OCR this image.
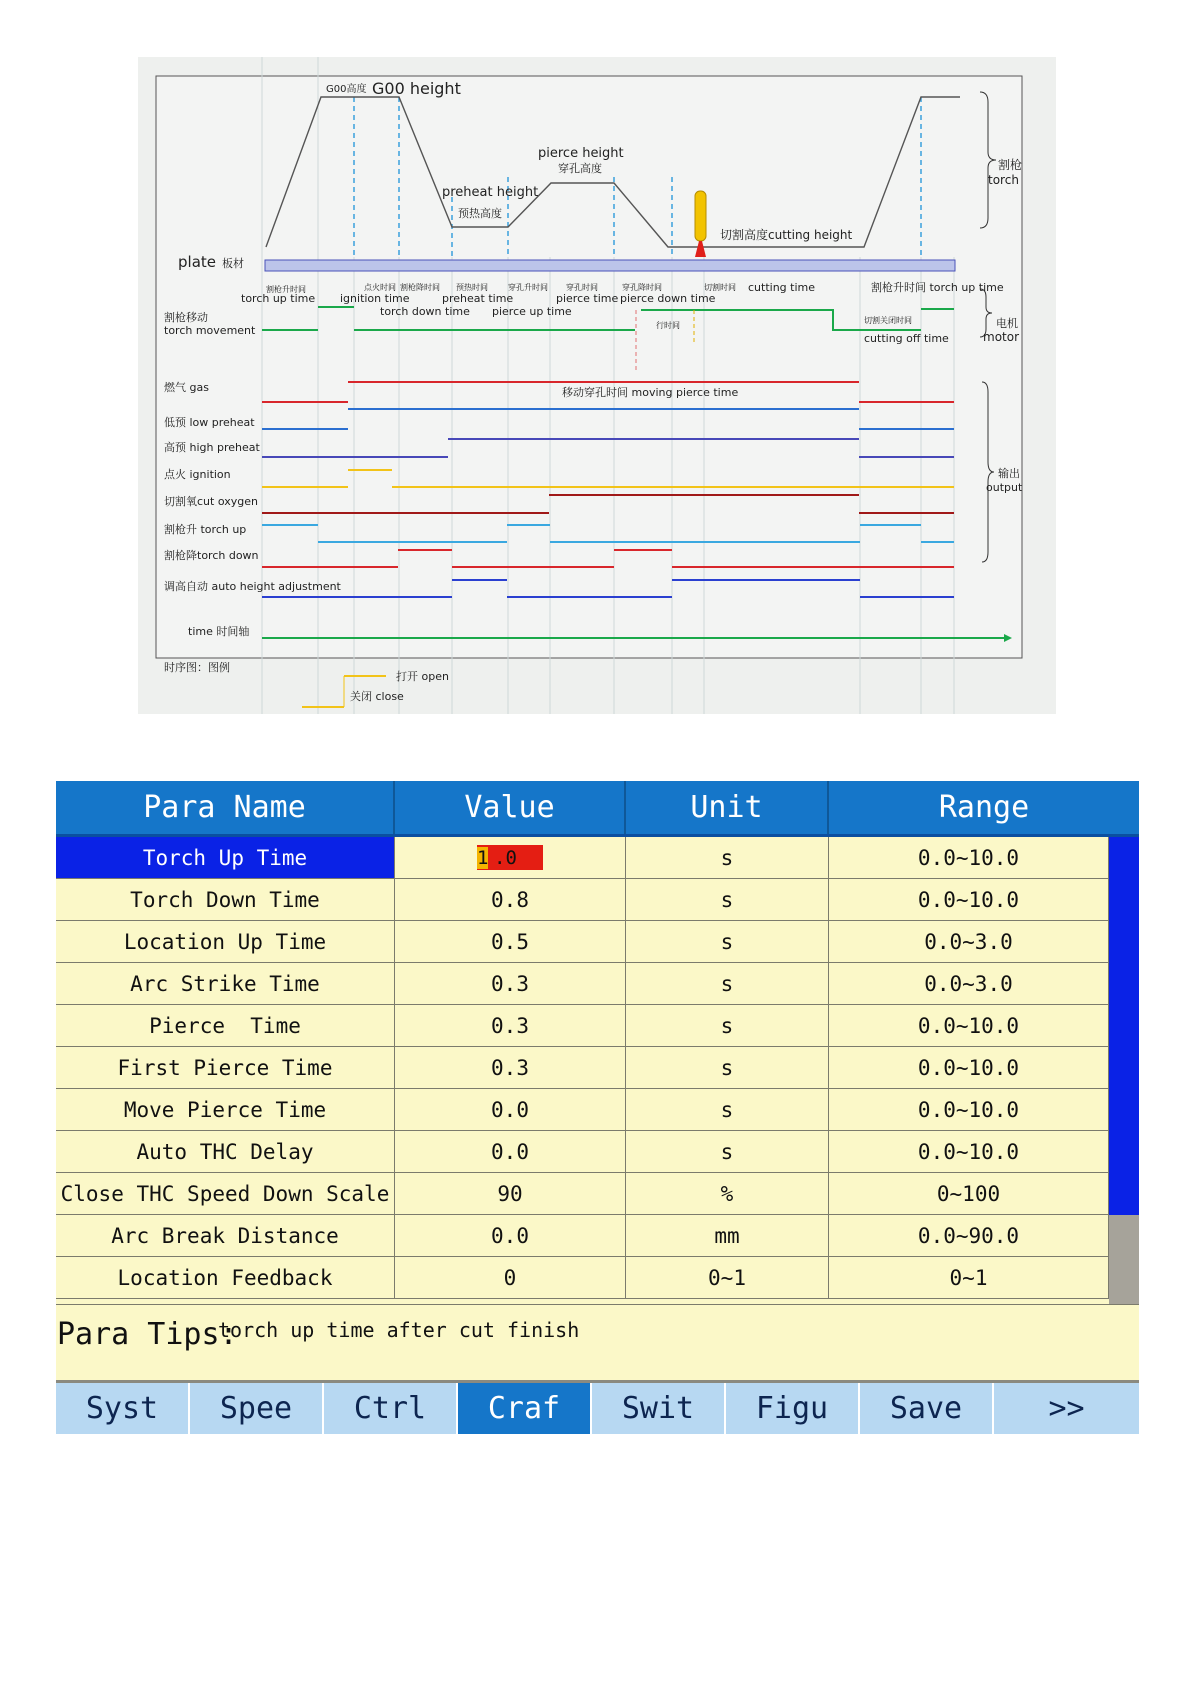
G00高度 G00 height
pierce height
穿孔高度
preheat height
预热高度
切割高度cutting height
割枪
torch
plate 板材
割枪升时间	点火时间 割枪降时间 预热时间	穿孔升时间 穿孔时间	穿孔降时间	切割时间
torch up time ignition time
torch down time
preheat time
pierce up time
pierce time pierce down time
cutting time	割枪升时间 torch up time
割枪移动
torch movement	行时间
切割关闭时间
cutting off time
电机
motor
燃气 gas
低预 low preheat
高预 high preheat
点火 ignition
切割氧cut oxygen
割枪升 torch up
割枪降torch down
调高自动 auto height adjustment
time 时间轴
移动穿孔时间 moving pierce time
输出
output
时序图：图例
打开 open
关闭 close
Para Name	Value	Unit	Range
Torch Up Time	1 .0	s	0.0~10.0
Torch Down Time	0.8	s	0.0~10.0
Location Up Time	0.5	s	0.0~3.0
Arc Strike Time	0.3	s	0.0~3.0
Pierce  Time	0.3	s	0.0~10.0
First Pierce Time	0.3	s	0.0~10.0
Move Pierce Time	0.0	s	0.0~10.0
Auto THC Delay	0.0	s	0.0~10.0
Close THC Speed Down Scale	90	%	0~100
Arc Break Distance	0.0	mm	0.0~90.0
Location Feedback	0	0~1	0~1
Para Tips:
torch up time after cut finish
Syst	Spee	Ctrl	Craf	Swit	Figu	Save	>>
